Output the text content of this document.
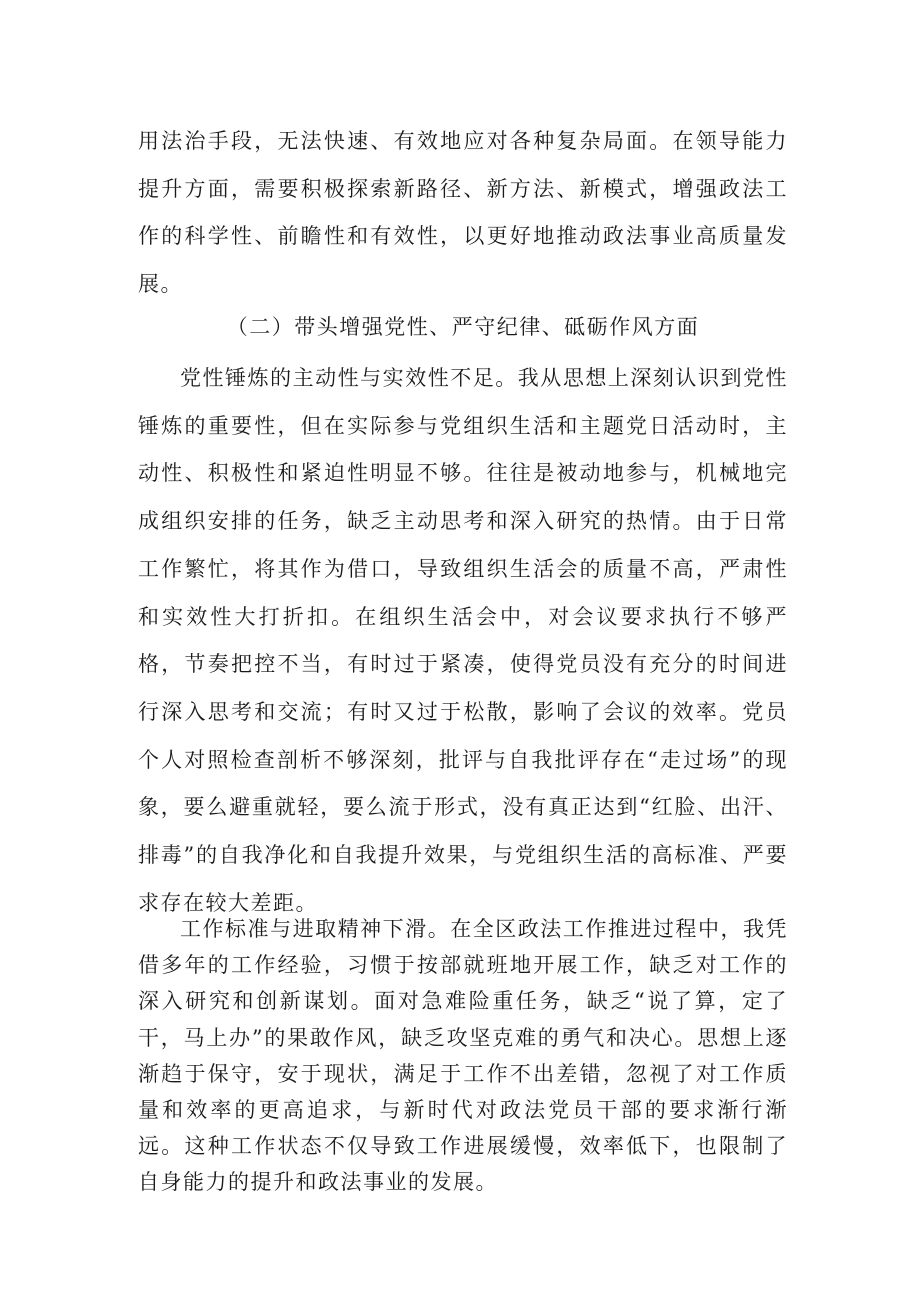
用法治手段，无法快速、有效地应对各种复杂局面。在领导能力提升方面，需要积极探索新路径、新方法、新模式，增强政法工作的科学性、前瞻性和有效性，以更好地推动政法事业高质量发展。

（二）带头增强党性、严守纪律、砥砺作风方面

党性锤炼的主动性与实效性不足。我从思想上深刻认识到党性锤炼的重要性，但在实际参与党组织生活和主题党日活动时，主动性、积极性和紧迫性明显不够。往往是被动地参与，机械地完成组织安排的任务，缺乏主动思考和深入研究的热情。由于日常工作繁忙，将其作为借口，导致组织生活会的质量不高，严肃性和实效性大打折扣。在组织生活会中，对会议要求执行不够严格，节奏把控不当，有时过于紧凑，使得党员没有充分的时间进行深入思考和交流；有时又过于松散，影响了会议的效率。党员个人对照检查剖析不够深刻，批评与自我批评存在“走过场”的现象，要么避重就轻，要么流于形式，没有真正达到“红脸、出汗、排毒”的自我净化和自我提升效果，与党组织生活的高标准、严要求存在较大差距。

工作标准与进取精神下滑。在全区政法工作推进过程中，我凭借多年的工作经验，习惯于按部就班地开展工作，缺乏对工作的深入研究和创新谋划。面对急难险重任务，缺乏“说了算，定了干，马上办”的果敢作风，缺乏攻坚克难的勇气和决心。思想上逐渐趋于保守，安于现状，满足于工作不出差错，忽视了对工作质量和效率的更高追求，与新时代对政法党员干部的要求渐行渐远。这种工作状态不仅导致工作进展缓慢，效率低下，也限制了自身能力的提升和政法事业的发展。
